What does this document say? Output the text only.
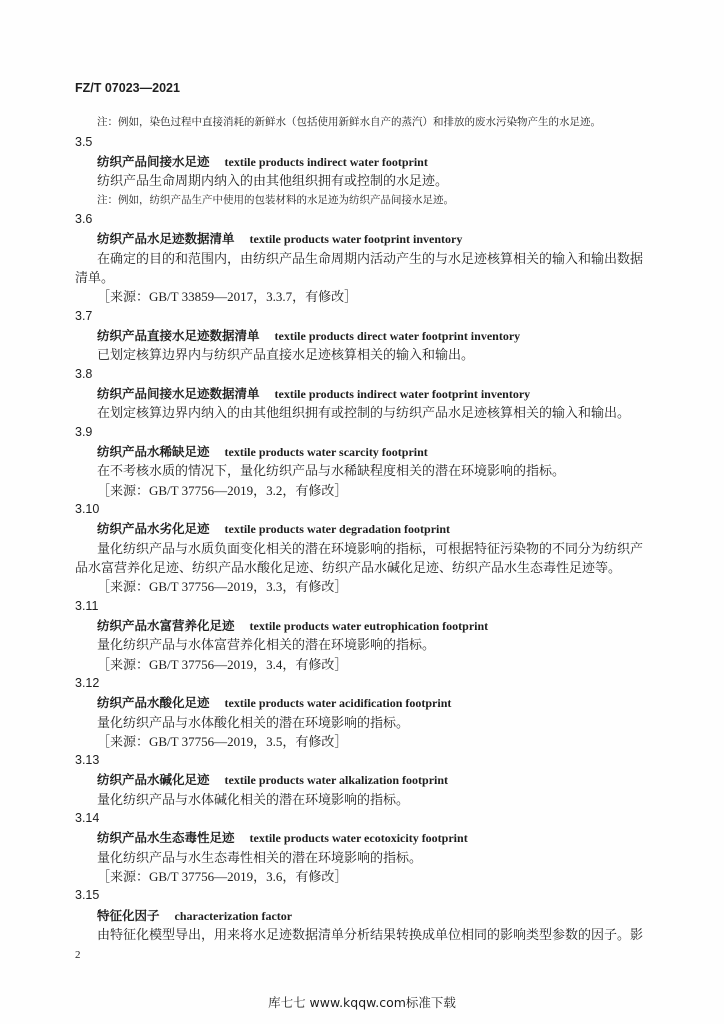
FZ/T 07023—2021
注：例如，染色过程中直接消耗的新鲜水（包括使用新鲜水自产的蒸汽）和排放的废水污染物产生的水足迹。
3.5
纺织产品间接水足迹 textile products indirect water footprint
纺织产品生命周期内纳入的由其他组织拥有或控制的水足迹。
注：例如，纺织产品生产中使用的包装材料的水足迹为纺织产品间接水足迹。
3.6
纺织产品水足迹数据清单 textile products water footprint inventory
在确定的目的和范围内，由纺织产品生命周期内活动产生的与水足迹核算相关的输入和输出数据
清单。
［来源：GB/T 33859—2017，3.3.7，有修改］
3.7
纺织产品直接水足迹数据清单 textile products direct water footprint inventory
已划定核算边界内与纺织产品直接水足迹核算相关的输入和输出。
3.8
纺织产品间接水足迹数据清单 textile products indirect water footprint inventory
在划定核算边界内纳入的由其他组织拥有或控制的与纺织产品水足迹核算相关的输入和输出。
3.9
纺织产品水稀缺足迹 textile products water scarcity footprint
在不考核水质的情况下，量化纺织产品与水稀缺程度相关的潜在环境影响的指标。
［来源：GB/T 37756—2019，3.2，有修改］
3.10
纺织产品水劣化足迹 textile products water degradation footprint
量化纺织产品与水质负面变化相关的潜在环境影响的指标，可根据特征污染物的不同分为纺织产
品水富营养化足迹、纺织产品水酸化足迹、纺织产品水碱化足迹、纺织产品水生态毒性足迹等。
［来源：GB/T 37756—2019，3.3，有修改］
3.11
纺织产品水富营养化足迹 textile products water eutrophication footprint
量化纺织产品与水体富营养化相关的潜在环境影响的指标。
［来源：GB/T 37756—2019，3.4，有修改］
3.12
纺织产品水酸化足迹 textile products water acidification footprint
量化纺织产品与水体酸化相关的潜在环境影响的指标。
［来源：GB/T 37756—2019，3.5，有修改］
3.13
纺织产品水碱化足迹 textile products water alkalization footprint
量化纺织产品与水体碱化相关的潜在环境影响的指标。
3.14
纺织产品水生态毒性足迹 textile products water ecotoxicity footprint
量化纺织产品与水生态毒性相关的潜在环境影响的指标。
［来源：GB/T 37756—2019，3.6，有修改］
3.15
特征化因子 characterization factor
由特征化模型导出，用来将水足迹数据清单分析结果转换成单位相同的影响类型参数的因子。影
2
库七七 www.kqqw.com标准下载
